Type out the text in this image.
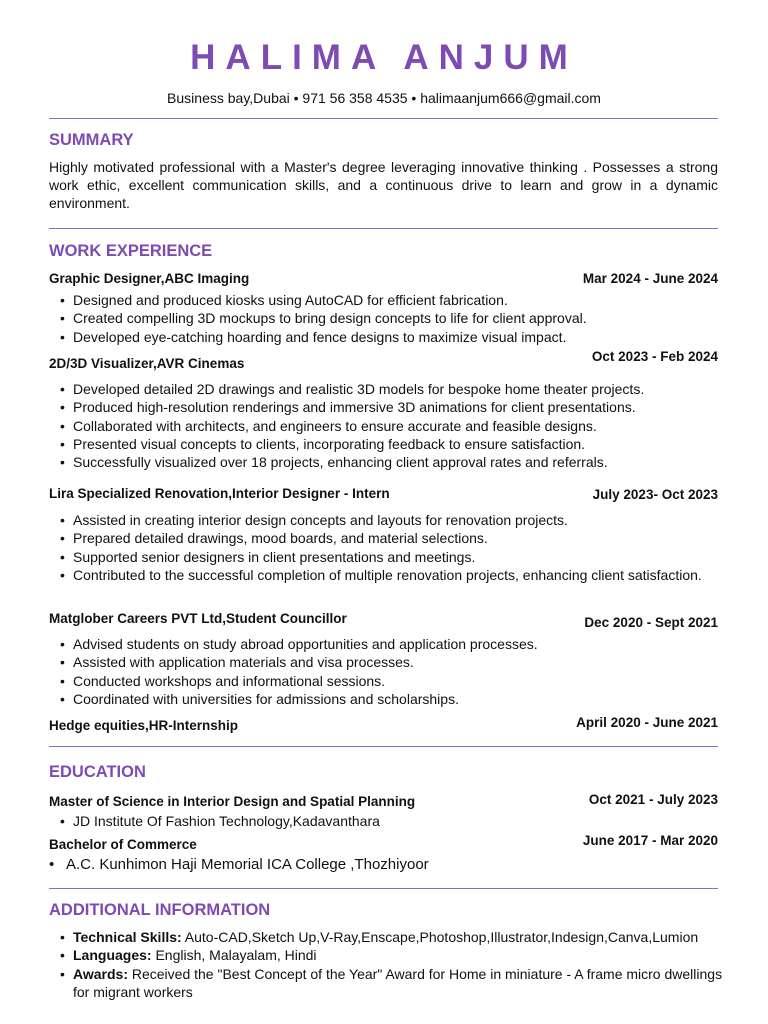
HALIMA ANJUM
Business bay,Dubai • 971 56 358 4535 • halimaanjum666@gmail.com
SUMMARY
Highly motivated professional with a Master's degree leveraging innovative thinking . Possesses a strong work ethic, excellent communication skills, and a continuous drive to learn and grow in a dynamic environment.
WORK EXPERIENCE
Graphic Designer,ABC Imaging	Mar 2024 - June 2024
• Designed and produced kiosks using AutoCAD for efficient fabrication.
• Created compelling 3D mockups to bring design concepts to life for client approval.
• Developed eye-catching hoarding and fence designs to maximize visual impact.
2D/3D Visualizer,AVR Cinemas	Oct 2023 - Feb 2024
• Developed detailed 2D drawings and realistic 3D models for bespoke home theater projects.
• Produced high-resolution renderings and immersive 3D animations for client presentations.
• Collaborated with architects, and engineers to ensure accurate and feasible designs.
• Presented visual concepts to clients, incorporating feedback to ensure satisfaction.
• Successfully visualized over 18 projects, enhancing client approval rates and referrals.
Lira Specialized Renovation,Interior Designer - Intern	July 2023- Oct 2023
• Assisted in creating interior design concepts and layouts for renovation projects.
• Prepared detailed drawings, mood boards, and material selections.
• Supported senior designers in client presentations and meetings.
• Contributed to the successful completion of multiple renovation projects, enhancing client satisfaction.
Matglober Careers PVT Ltd,Student Councillor	Dec 2020 - Sept 2021
• Advised students on study abroad opportunities and application processes.
• Assisted with application materials and visa processes.
• Conducted workshops and informational sessions.
• Coordinated with universities for admissions and scholarships.
Hedge equities,HR-Internship	April 2020 - June 2021
EDUCATION
Master of Science in Interior Design and Spatial Planning	Oct 2021 - July 2023
• JD Institute Of Fashion Technology,Kadavanthara
Bachelor of Commerce	June 2017 - Mar 2020
• A.C. Kunhimon Haji Memorial ICA College ,Thozhiyoor
ADDITIONAL INFORMATION
• Technical Skills: Auto-CAD,Sketch Up,V-Ray,Enscape,Photoshop,Illustrator,Indesign,Canva,Lumion
• Languages: English, Malayalam, Hindi
• Awards: Received the "Best Concept of the Year" Award for Home in miniature - A frame micro dwellings for migrant workers
